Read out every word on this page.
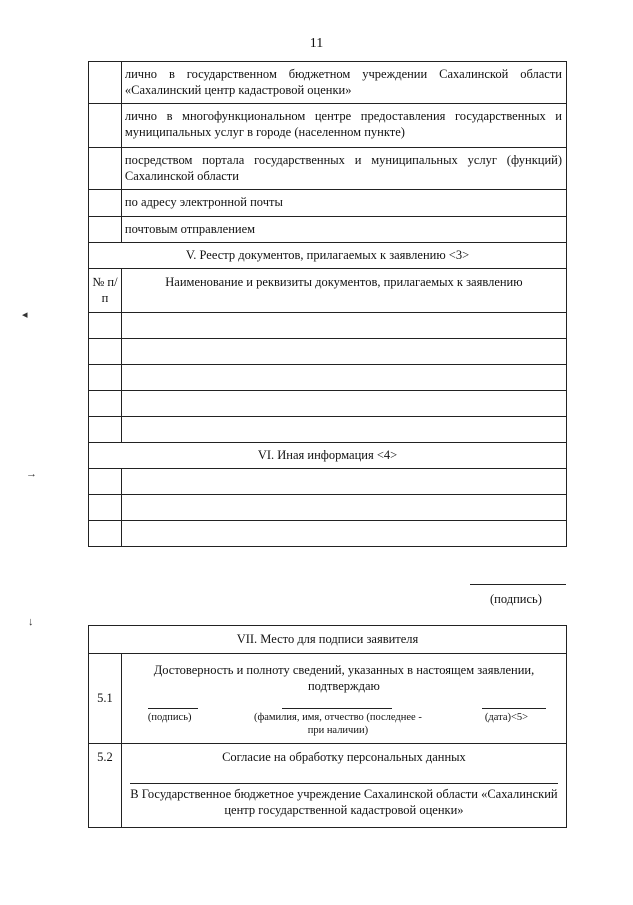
11

	лично в государственном бюджетном учреждении Сахалинской области «Сахалинский центр кадастровой оценки»

	лично в многофункциональном центре предоставления государственных и муниципальных услуг в городе (населенном пункте)

	посредством портала государственных и муниципальных услуг (функций) Сахалинской области

	по адресу электронной почты

	почтовым отправлением

V. Реестр документов, прилагаемых к заявлению <3>	
№ п/п	Наименование и реквизиты документов, прилагаемых к заявлению

VI. Иная информация <4>	

(подпись)
VII. Место для подписи заявителя	
5.1	Достоверность и полноту сведений, указанных в настоящем заявлении, подтверждаю
(подпись) (фамилия, имя, отчество (последнее - при наличии)
(дата)<5>

5.2	Согласие на обработку персональных данных
В Государственное бюджетное учреждение Сахалинской области «Сахалинский центр государственной кадастровой оценки»
◂
→
↓
